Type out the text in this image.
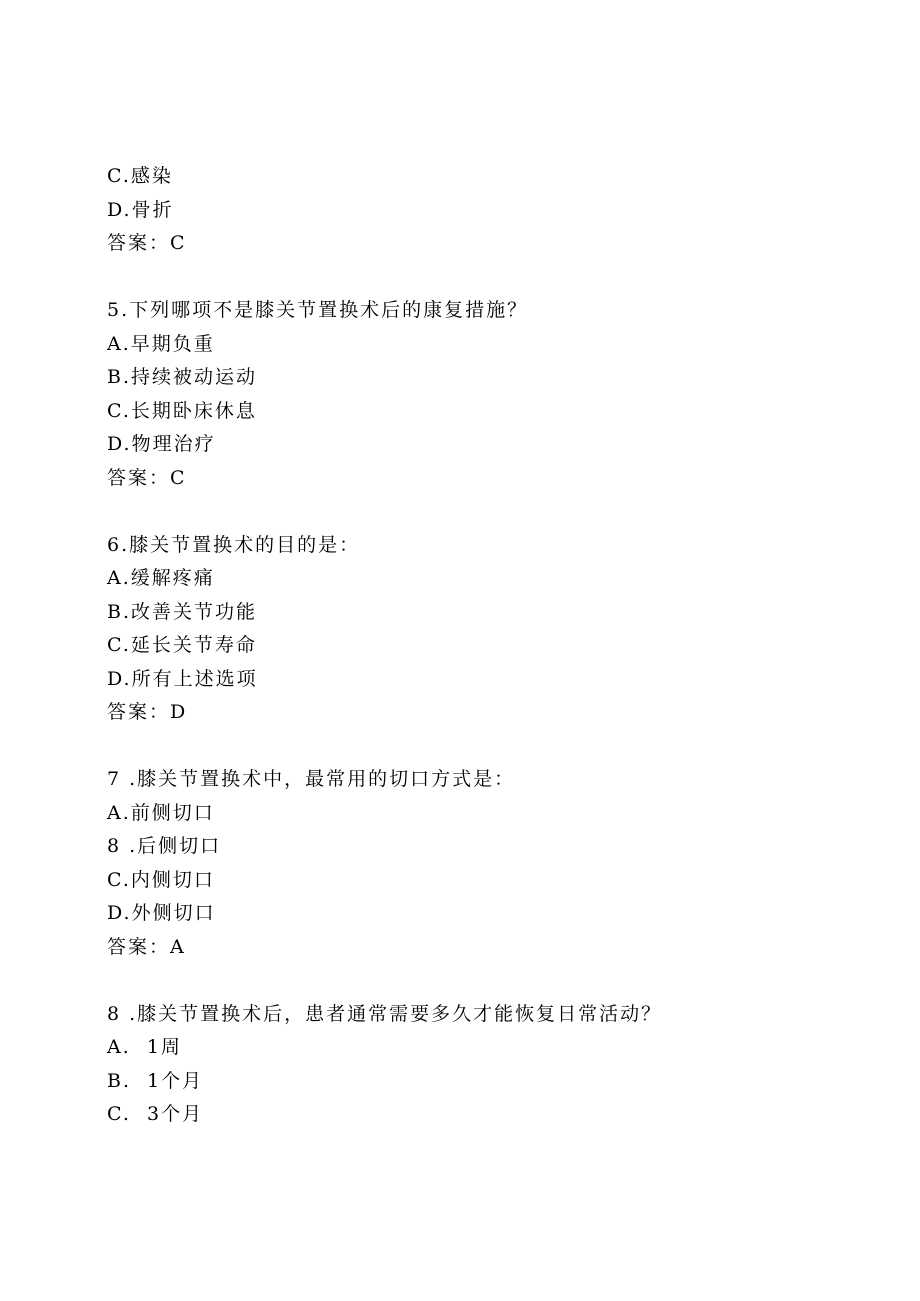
C.感染
D.骨折
答案：C
5.下列哪项不是膝关节置换术后的康复措施？
A.早期负重
B.持续被动运动
C.长期卧床休息
D.物理治疗
答案：C
6.膝关节置换术的目的是：
A.缓解疼痛
B.改善关节功能
C.延长关节寿命
D.所有上述选项
答案：D
7 .膝关节置换术中，最常用的切口方式是：
A.前侧切口
8 .后侧切口
C.内侧切口
D.外侧切口
答案：A
8 .膝关节置换术后，患者通常需要多久才能恢复日常活动？
A.  1周
B.  1个月
C.  3个月
